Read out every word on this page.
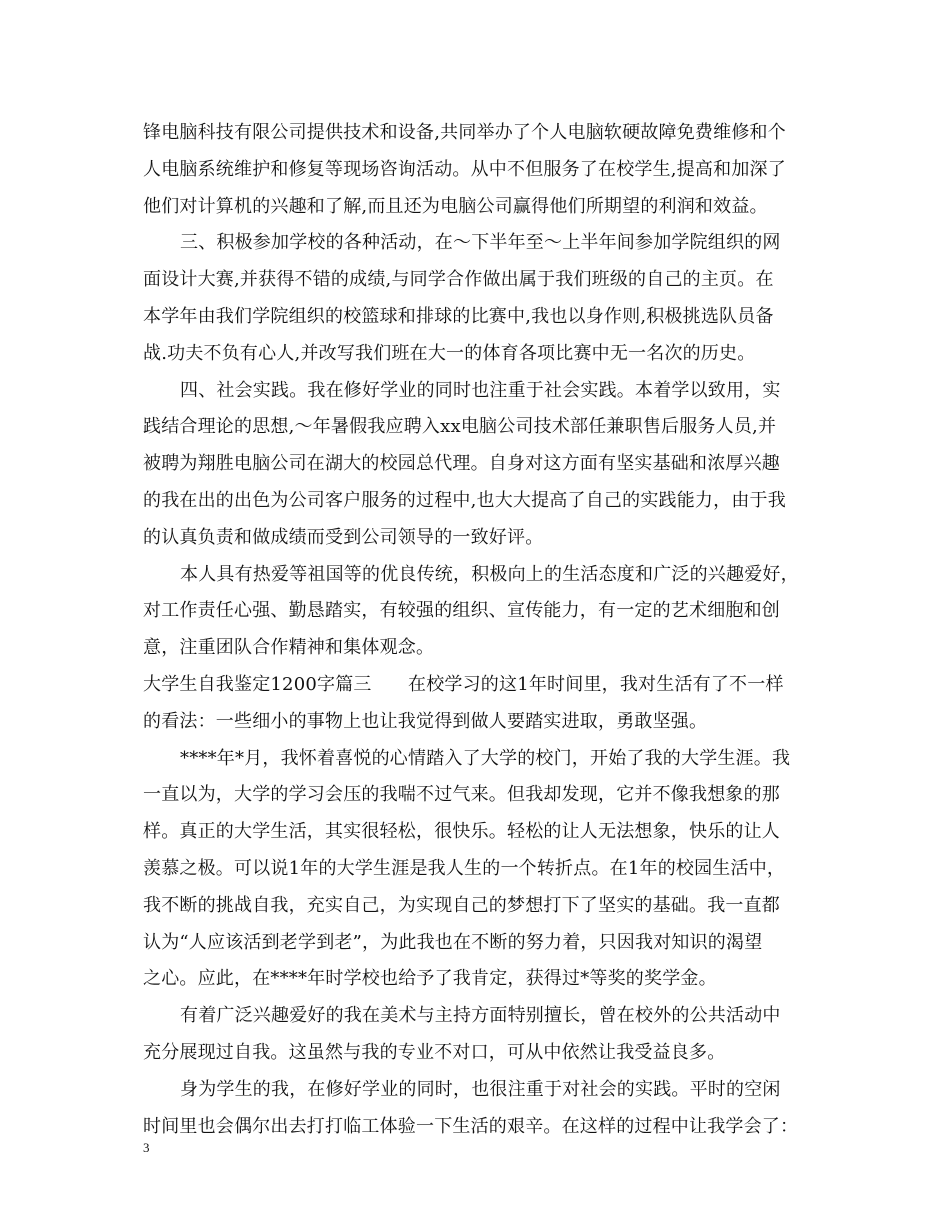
锋电脑科技有限公司提供技术和设备,共同举办了个人电脑软硬故障免费维修和个
人电脑系统维护和修复等现场咨询活动。从中不但服务了在校学生,提高和加深了
他们对计算机的兴趣和了解,而且还为电脑公司赢得他们所期望的利润和效益。
三、积极参加学校的各种活动，在～下半年至～上半年间参加学院组织的网
面设计大赛,并获得不错的成绩,与同学合作做出属于我们班级的自己的主页。在
本学年由我们学院组织的校篮球和排球的比赛中,我也以身作则,积极挑选队员备
战.功夫不负有心人,并改写我们班在大一的体育各项比赛中无一名次的历史。
四、社会实践。我在修好学业的同时也注重于社会实践。本着学以致用，实
践结合理论的思想,～年暑假我应聘入xx电脑公司技术部任兼职售后服务人员,并
被聘为翔胜电脑公司在湖大的校园总代理。自身对这方面有坚实基础和浓厚兴趣
的我在出的出色为公司客户服务的过程中,也大大提高了自己的实践能力，由于我
的认真负责和做成绩而受到公司领导的一致好评。
本人具有热爱等祖国等的优良传统，积极向上的生活态度和广泛的兴趣爱好，
对工作责任心强、勤恳踏实，有较强的组织、宣传能力，有一定的艺术细胞和创
意，注重团队合作精神和集体观念。
大学生自我鉴定1200字篇三　　在校学习的这1年时间里，我对生活有了不一样
的看法：一些细小的事物上也让我觉得到做人要踏实进取，勇敢坚强。
****年*月，我怀着喜悦的心情踏入了大学的校门，开始了我的大学生涯。我
一直以为，大学的学习会压的我喘不过气来。但我却发现，它并不像我想象的那
样。真正的大学生活，其实很轻松，很快乐。轻松的让人无法想象，快乐的让人
羡慕之极。可以说1年的大学生涯是我人生的一个转折点。在1年的校园生活中，
我不断的挑战自我，充实自己，为实现自己的梦想打下了坚实的基础。我一直都
认为“人应该活到老学到老”，为此我也在不断的努力着，只因我对知识的渴望
之心。应此，在****年时学校也给予了我肯定，获得过*等奖的奖学金。
有着广泛兴趣爱好的我在美术与主持方面特别擅长，曾在校外的公共活动中
充分展现过自我。这虽然与我的专业不对口，可从中依然让我受益良多。
身为学生的我，在修好学业的同时，也很注重于对社会的实践。平时的空闲
时间里也会偶尔出去打打临工体验一下生活的艰辛。在这样的过程中让我学会了：
3
